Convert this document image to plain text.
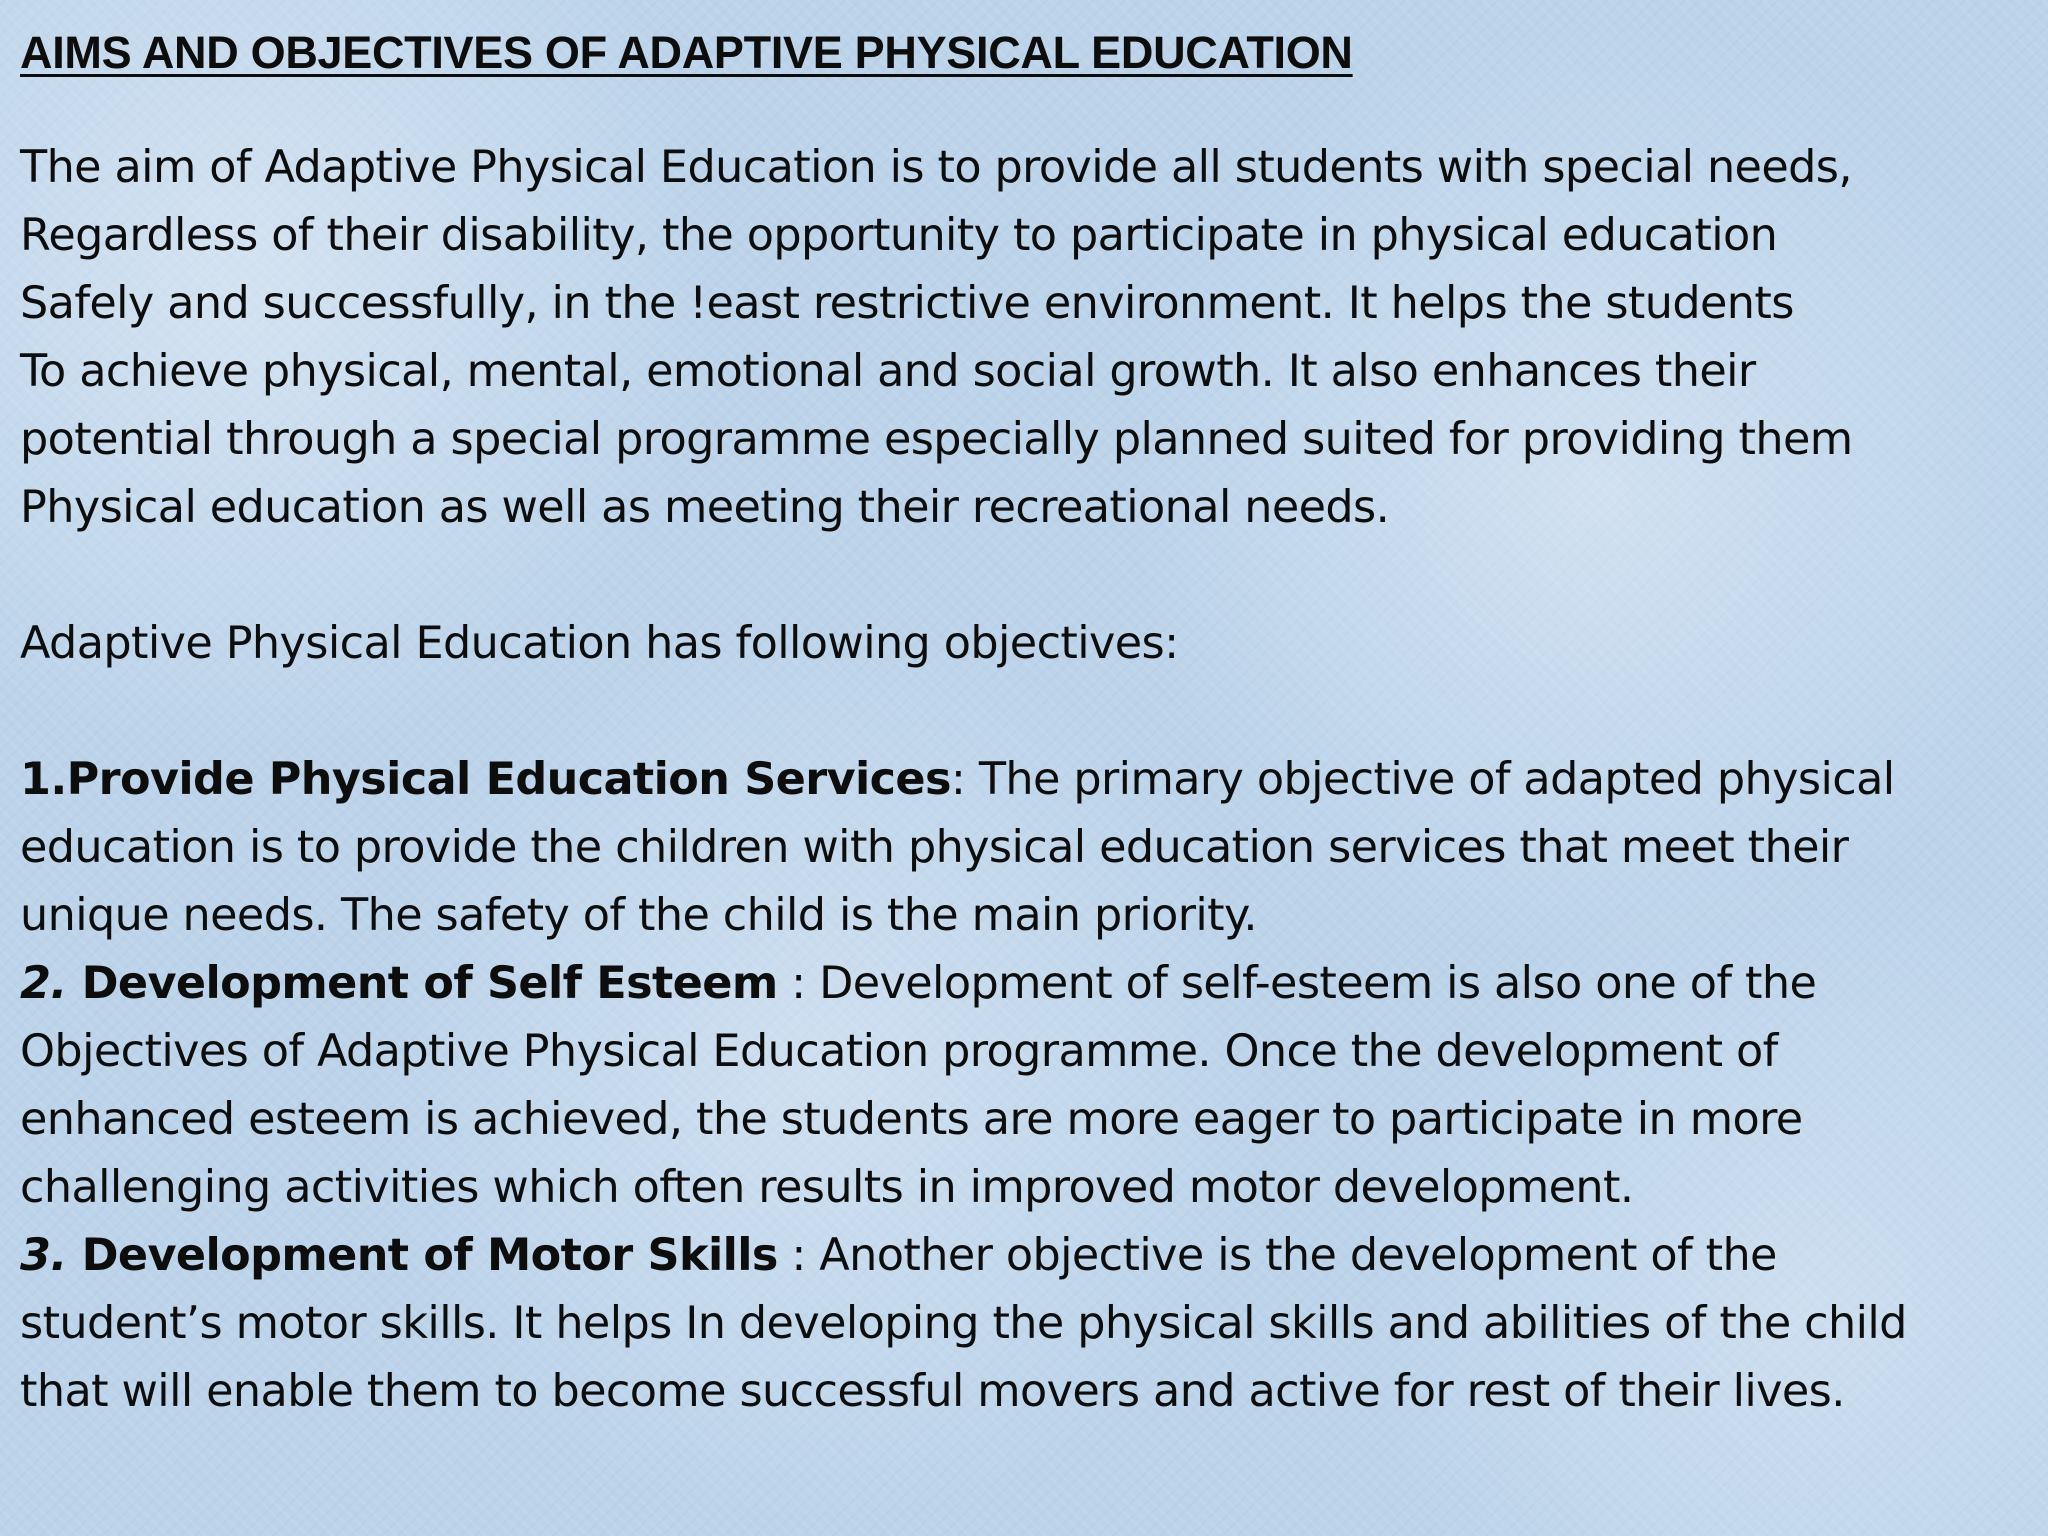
AIMS AND OBJECTIVES OF ADAPTIVE PHYSICAL EDUCATION

The aim of Adaptive Physical Education is to provide all students with special needs,
Regardless of their disability, the opportunity to participate in physical education
Safely and successfully, in the !east restrictive environment. It helps the students
To achieve physical, mental, emotional and social growth. It also enhances their
potential through a special programme especially planned suited for providing them
Physical education as well as meeting their recreational needs.

Adaptive Physical Education has following objectives:

1.Provide Physical Education Services: The primary objective of adapted physical
education is to provide the children with physical education services that meet their
unique needs. The safety of the child is the main priority.
2. Development of Self Esteem : Development of self-esteem is also one of the
Objectives of Adaptive Physical Education programme. Once the development of
enhanced esteem is achieved, the students are more eager to participate in more
challenging activities which often results in improved motor development.
3. Development of Motor Skills : Another objective is the development of the
student’s motor skills. It helps In developing the physical skills and abilities of the child
that will enable them to become successful movers and active for rest of their lives.
